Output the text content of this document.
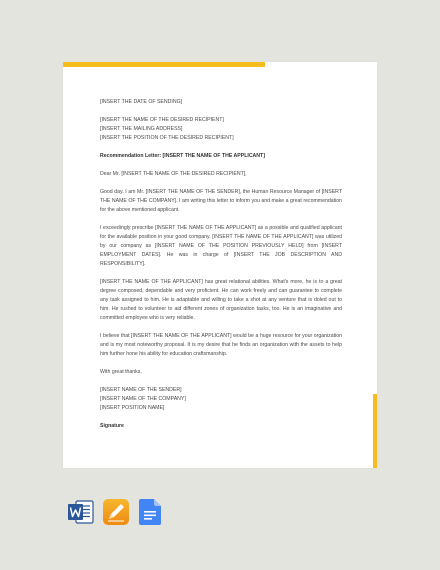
[INSERT THE DATE OF SENDING]

[INSERT THE NAME OF THE DESIRED RECIPIENT]

[INSERT THE MAILING ADDRESS]

[INSERT THE POSITION OF THE DESIRED RECIPIENT]

Recommendation Letter: [INSERT THE NAME OF THE APPLICANT]

Dear Mr. [INSERT THE NAME OF THE DESIRED RECIPIENT],

Good day. I am Mr. [INSERT THE NAME OF THE SENDER], the Human Resource Manager of [INSERT THE NAME OF THE COMPANY]. I am writing this letter to inform you and make a great recommendation for the above mentioned applicant.

I exceedingly prescribe [INSERT THE NAME OF THE APPLICANT] as a possible and qualified applicant for the available position in your good company. [INSERT THE NAME OF THE APPLICANT] was utilized by our company as [INSERT NAME OF THE POSITION PREVIOUSLY HELD] from [INSERT EMPLOYMENT DATES]. He was in charge of [INSERT THE JOB DESCRIPTION AND RESPONSIBILITY].

[INSERT THE NAME OF THE APPLICANT] has great relational abilities. What's more, he is to a great degree composed, dependable and very proficient. He can work freely and can guarantee to complete any task assigned to him. He is adaptable and willing to take a shot at any venture that is doled out to him. He rushed to volunteer to aid different zones of organization tasks, too. He is an imaginative and committed employee who is very reliable.

I believe that [INSERT THE NAME OF THE APPLICANT] would be a huge resource for your organization and is my most noteworthy proposal. It is my desire that he finds an organization with the assets to help him further hone his ability for education craftsmanship.

With great thanks,

[INSERT NAME OF THE SENDER]

[INSERT NAME OF THE COMPANY]

[INSERT POSITION NAME]

Signature
